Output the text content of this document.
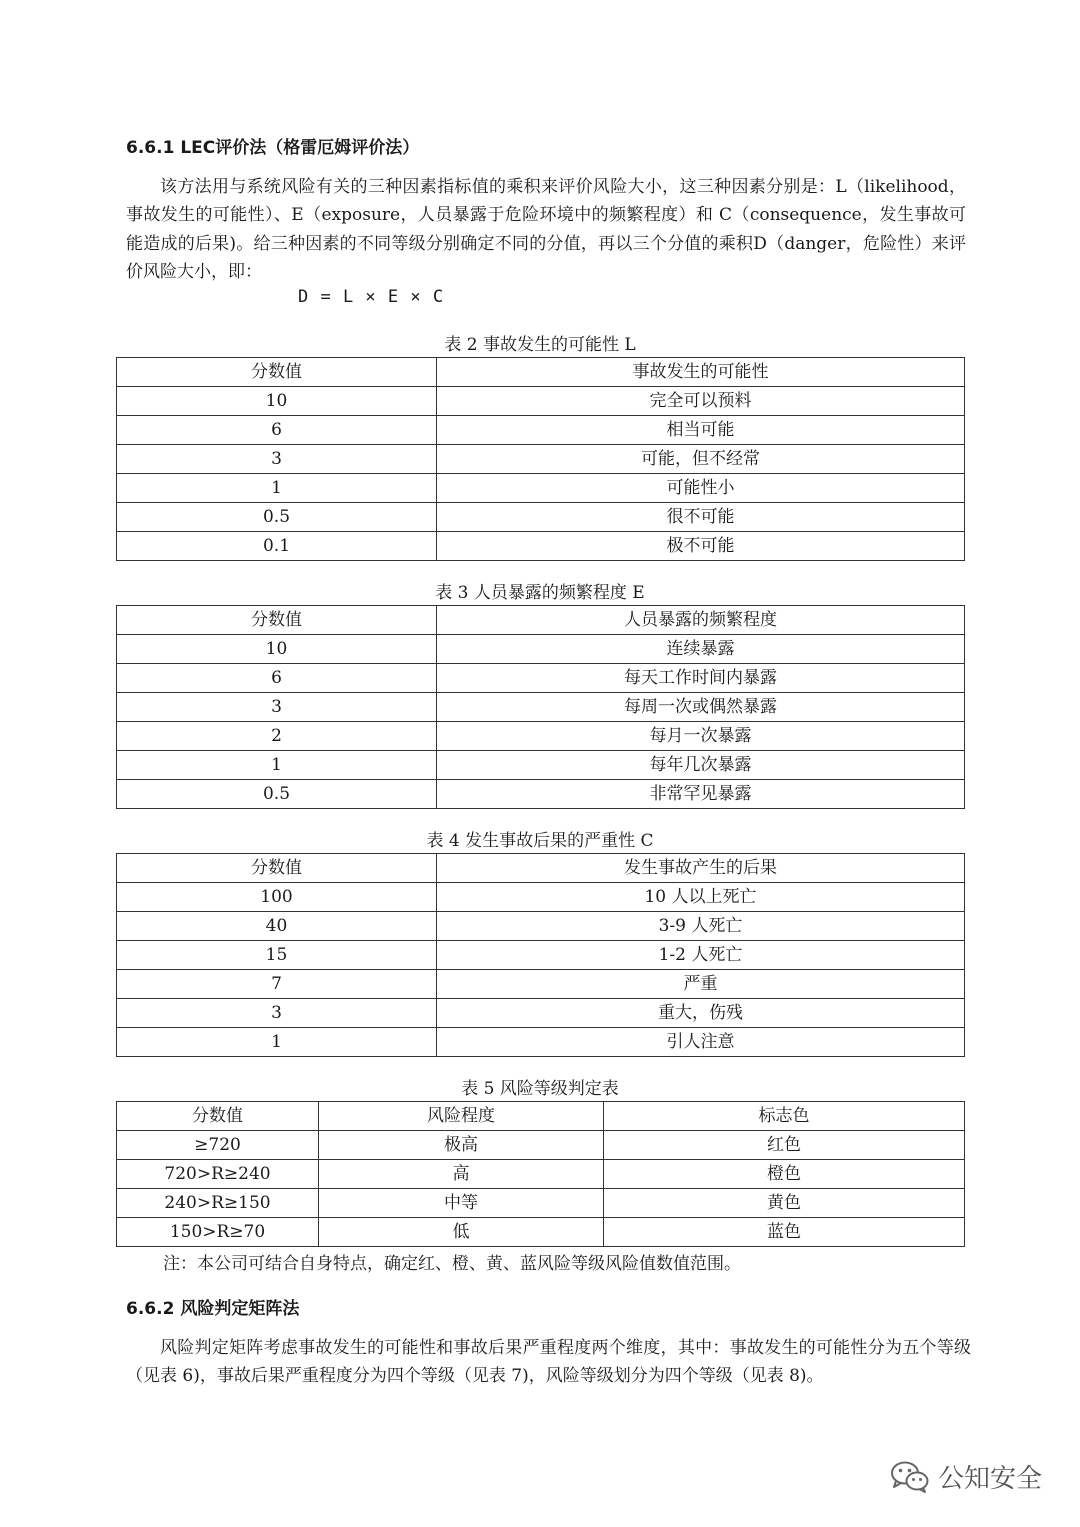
6.6.1 LEC评价法（格雷厄姆评价法）
该方法用与系统风险有关的三种因素指标值的乘积来评价风险大小，这三种因素分别是：L（likelihood，事故发生的可能性）、E（exposure，人员暴露于危险环境中的频繁程度）和 C（consequence，发生事故可能造成的后果)。给三种因素的不同等级分别确定不同的分值，再以三个分值的乘积D（danger，危险性）来评价风险大小，即：
D = L × E × C
表 2 事故发生的可能性 L
分数值	事故发生的可能性
10	完全可以预料
6	相当可能
3	可能，但不经常
1	可能性小
0.5	很不可能
0.1	极不可能
表 3 人员暴露的频繁程度 E
分数值	人员暴露的频繁程度
10	连续暴露
6	每天工作时间内暴露
3	每周一次或偶然暴露
2	每月一次暴露
1	每年几次暴露
0.5	非常罕见暴露
表 4 发生事故后果的严重性 C
分数值	发生事故产生的后果
100	10 人以上死亡
40	3-9 人死亡
15	1-2 人死亡
7	严重
3	重大，伤残
1	引人注意
表 5 风险等级判定表
分数值	风险程度	标志色
≥720	极高	红色
720>R≥240	高	橙色
240>R≥150	中等	黄色
150>R≥70	低	蓝色
注：本公司可结合自身特点，确定红、橙、黄、蓝风险等级风险值数值范围。
6.6.2 风险判定矩阵法
风险判定矩阵考虑事故发生的可能性和事故后果严重程度两个维度，其中：事故发生的可能性分为五个等级（见表 6)，事故后果严重程度分为四个等级（见表 7)，风险等级划分为四个等级（见表 8)。
公知安全
